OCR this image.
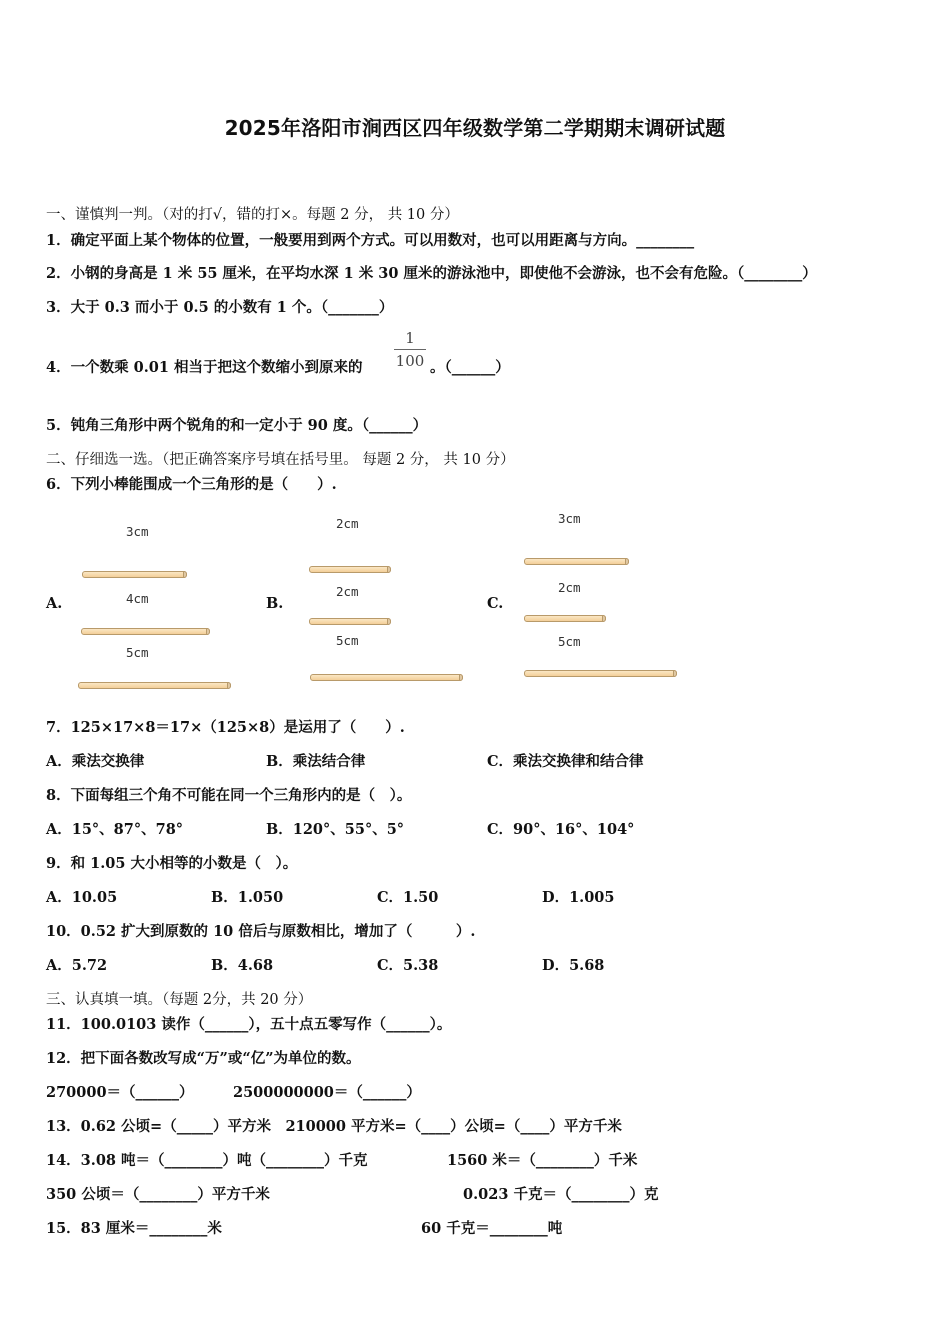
2025年洛阳市涧西区四年级数学第二学期期末调研试题
一、谨慎判一判。（对的打√，错的打×。每题 2 分， 共 10 分）
1．确定平面上某个物体的位置，一般要用到两个方式。可以用数对，也可以用距离与方向。________
2．小钢的身高是 1 米 55 厘米，在平均水深 1 米 30 厘米的游泳池中，即使他不会游泳，也不会有危险。（________）
3．大于 0.3 而小于 0.5 的小数有 1 个。（_______）
4．一个数乘 0.01 相当于把这个数缩小到原来的
1
100 。（______）
5．钝角三角形中两个锐角的和一定小于 90 度。（______）
二、仔细选一选。（把正确答案序号填在括号里。 每题 2 分， 共 10 分）
6．下列小棒能围成一个三角形的是（　　）.
A.
3cm
4cm
5cm
B.
2cm
2cm
5cm
C.
3cm
2cm
5cm
7．125×17×8＝17×（125×8）是运用了（　　）.
A．乘法交换律	B．乘法结合律	C．乘法交换律和结合律
8．下面每组三个角不可能在同一个三角形内的是（　）。
A．15°、87°、78°	B．120°、55°、5°	C．90°、16°、104°
9．和 1.05 大小相等的小数是（　）。
A．10.05	B．1.050	C．1.50	D．1.005
10．0.52 扩大到原数的 10 倍后与原数相比，增加了（　　　）.
A．5.72	B．4.68	C．5.38	D．5.68
三、认真填一填。（每题 2分，共 20 分）
11．100.0103 读作（______），五十点五零写作（______）。
12．把下面各数改写成“万”或“亿”为单位的数。
270000＝（______）	2500000000＝（______）
13．0.62 公顷=（_____）平方米　210000 平方米=（____）公顷=（____）平方千米
14．3.08 吨＝（________）吨（________）千克	1560 米＝（________）千米
350 公顷＝（________）平方千米	0.023 千克＝（________）克
15．83 厘米＝________米	60 千克＝________吨
